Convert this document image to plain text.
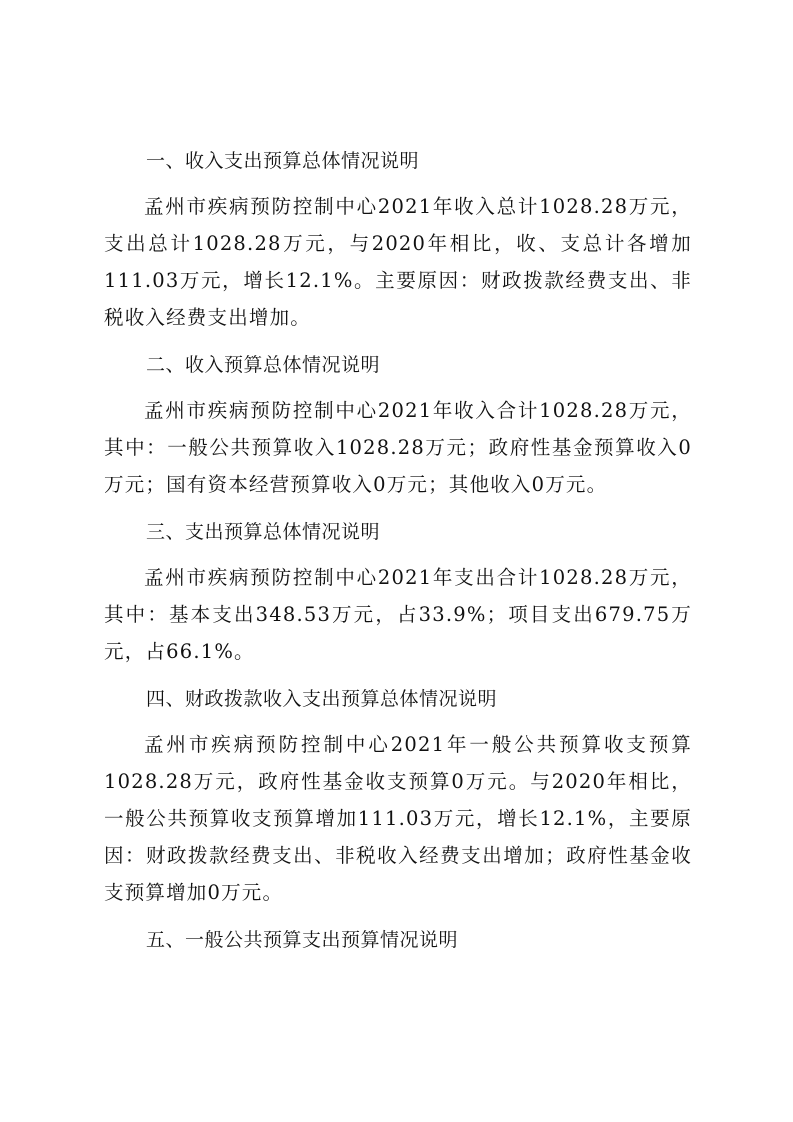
一、收入支出预算总体情况说明

孟州市疾病预防控制中心2021年收入总计1028.28万元，支出总计1028.28万元，与2020年相比，收、支总计各增加111.03万元，增长12.1%。主要原因：财政拨款经费支出、非税收入经费支出增加。

二、收入预算总体情况说明

孟州市疾病预防控制中心2021年收入合计1028.28万元，其中：一般公共预算收入1028.28万元；政府性基金预算收入0万元；国有资本经营预算收入0万元；其他收入0万元。

三、支出预算总体情况说明

孟州市疾病预防控制中心2021年支出合计1028.28万元，其中：基本支出348.53万元，占33.9%；项目支出679.75万元，占66.1%。

四、财政拨款收入支出预算总体情况说明

孟州市疾病预防控制中心2021年一般公共预算收支预算1028.28万元，政府性基金收支预算0万元。与2020年相比，一般公共预算收支预算增加111.03万元，增长12.1%，主要原因：财政拨款经费支出、非税收入经费支出增加；政府性基金收支预算增加0万元。

五、一般公共预算支出预算情况说明
